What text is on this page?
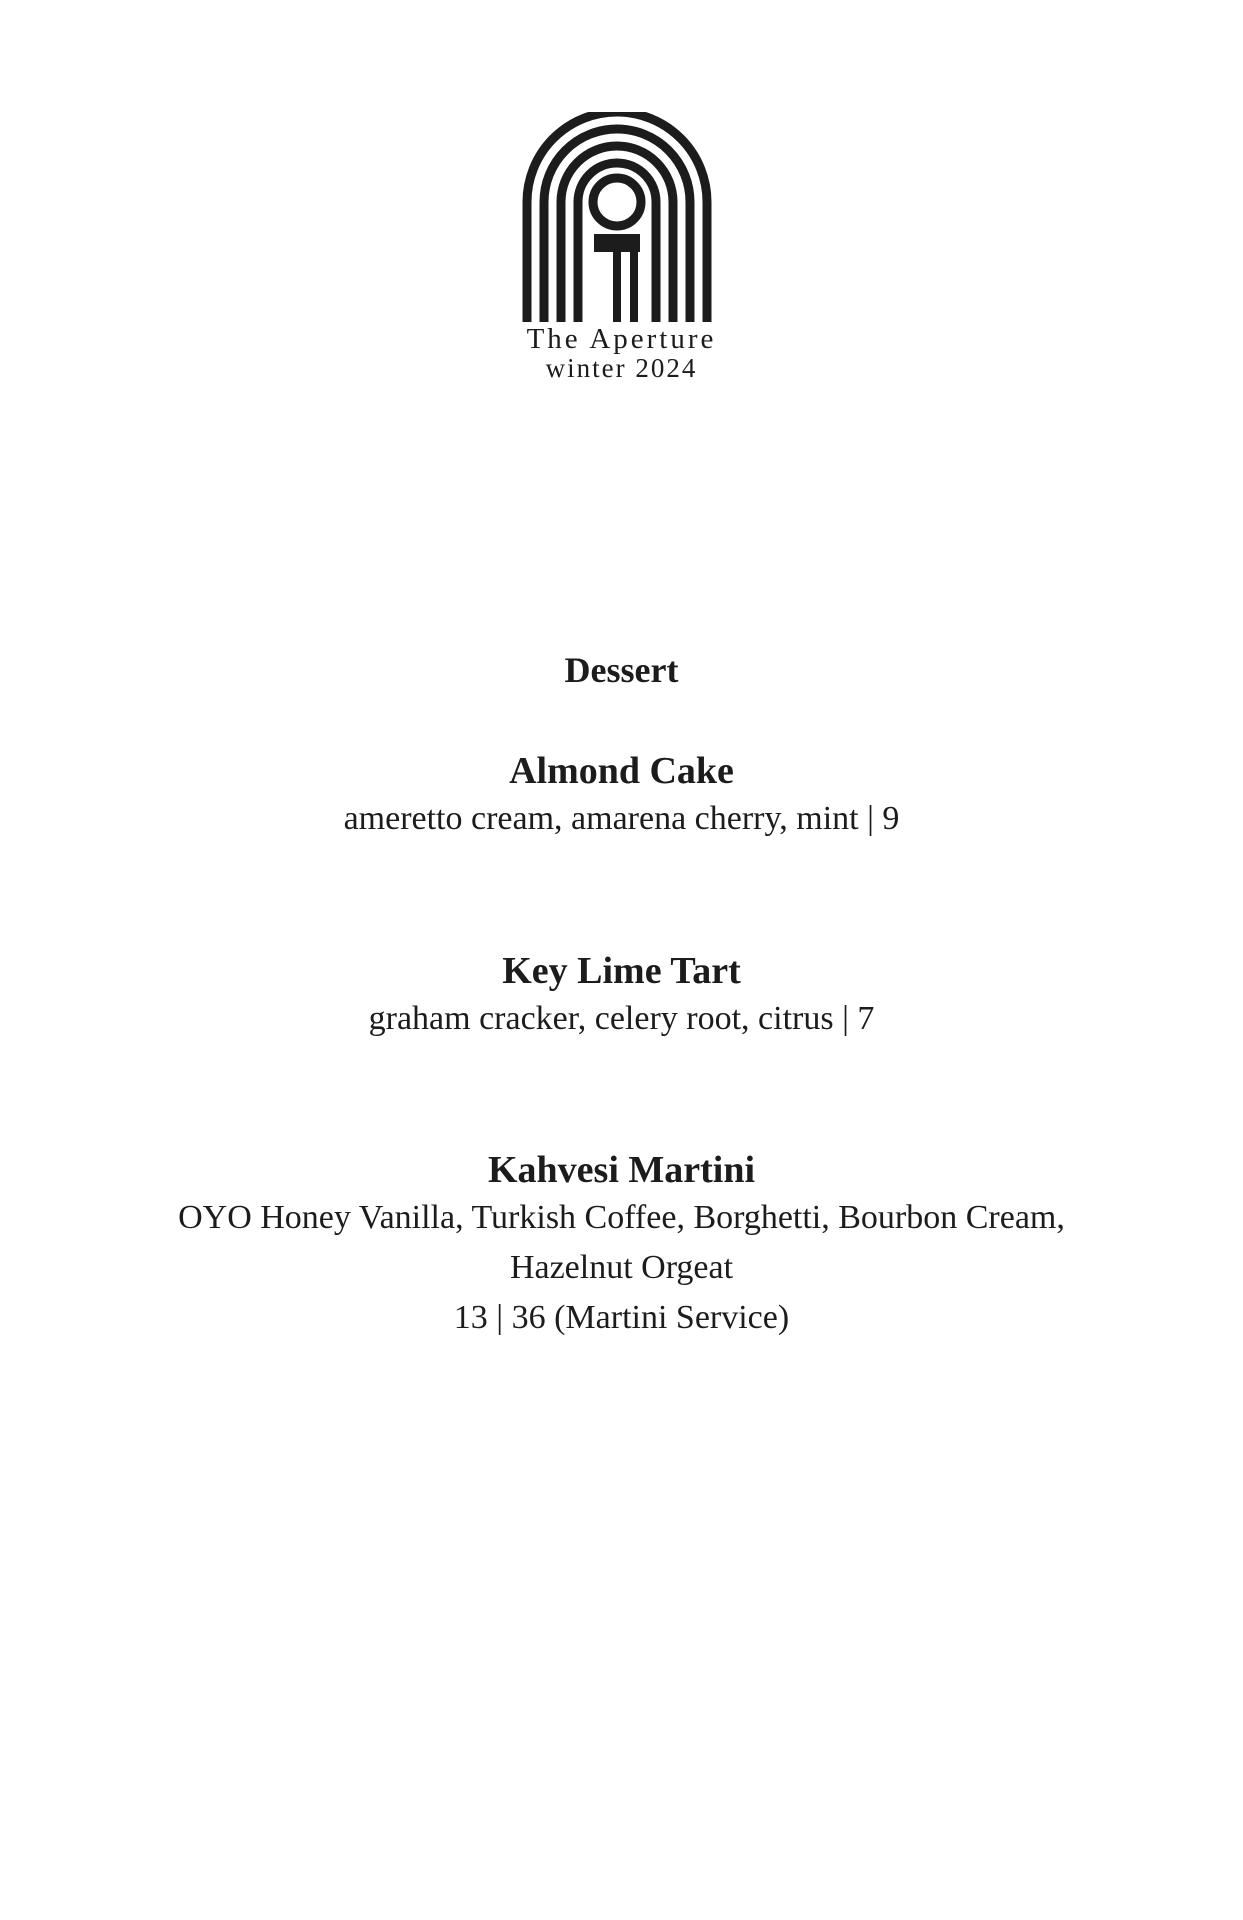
The Aperture
winter 2024
Dessert

Almond Cake

ameretto cream, amarena cherry, mint | 9

Key Lime Tart

graham cracker, celery root, citrus | 7

Kahvesi Martini

OYO Honey Vanilla, Turkish Coffee, Borghetti, Bourbon Cream,

Hazelnut Orgeat

13 | 36 (Martini Service)
